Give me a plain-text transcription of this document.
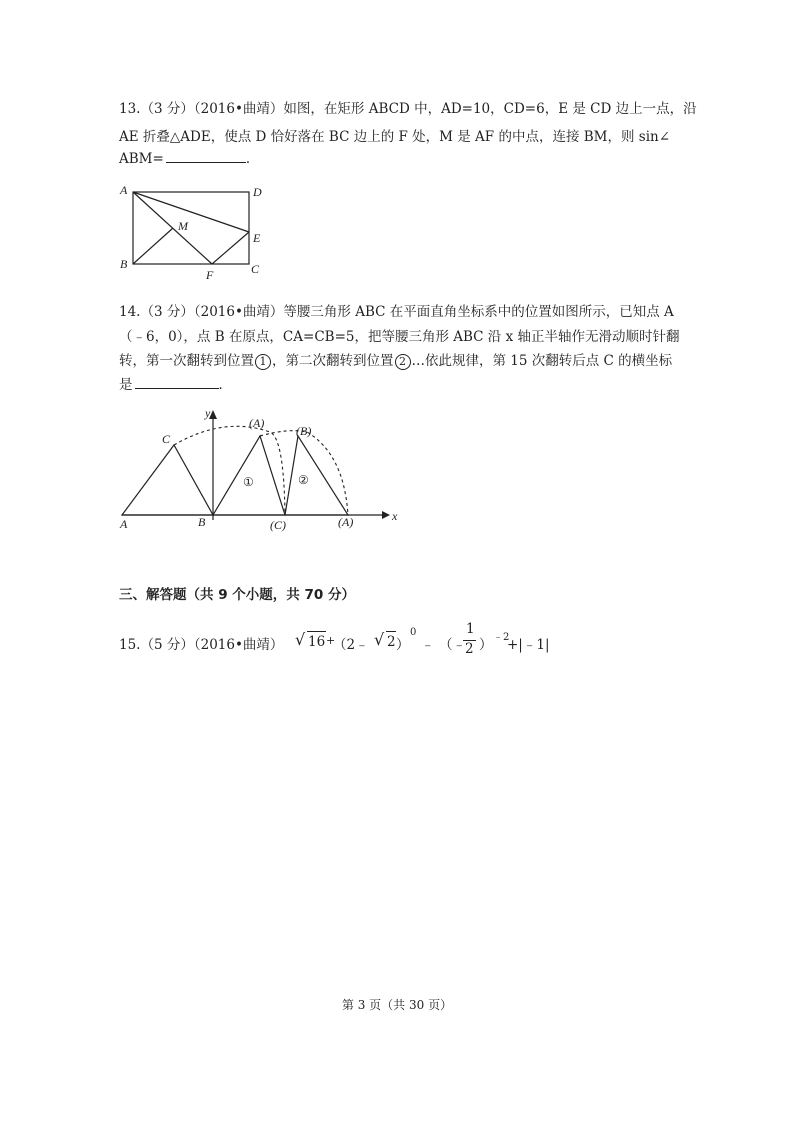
13.（3 分）（2016•曲靖）如图，在矩形 ABCD 中，AD=10，CD=6，E 是 CD 边上一点，沿
AE 折叠△ADE，使点 D 恰好落在 BC 边上的 F 处，M 是 AF 的中点，连接 BM，则 sin∠
ABM=	．
A	D
M
E
B
F	C
14.（3 分）（2016•曲靖）等腰三角形 ABC 在平面直角坐标系中的位置如图所示，已知点 A
（﹣6，0），点 B 在原点，CA=CB=5，把等腰三角形 ABC 沿 x 轴正半轴作无滑动顺时针翻
转，第一次翻转到位置 1 ，第二次翻转到位置 2 …依此规律，第 15 次翻转后点 C 的横坐标
是	．
y
x
C
A	B
(A)
(B)
(C)	(A)
①	②
三、解答题（共 9 个小题，共 70 分）
15.（5 分）（2016•曲靖） √ 16 +
（2﹣ √ 2 ）
0
﹣ （﹣
1
2 ） ﹣2
+|﹣1|
第 3 页（共 30 页）
